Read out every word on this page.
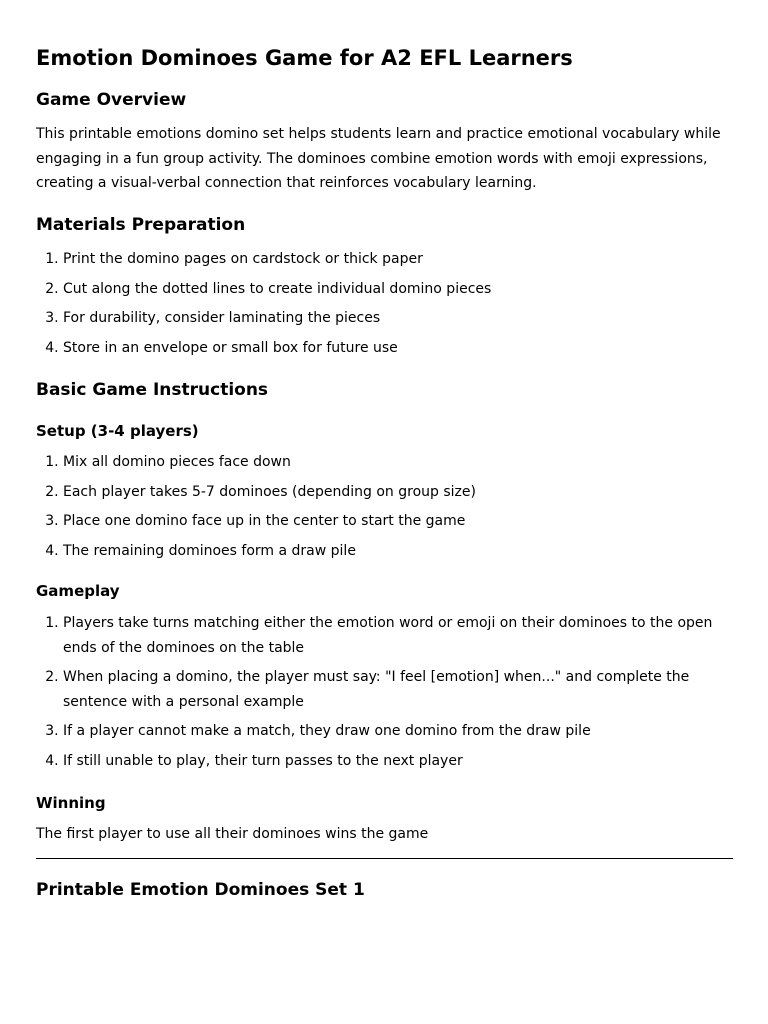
Emotion Dominoes Game for A2 EFL Learners
Game Overview

This printable emotions domino set helps students learn and practice emotional vocabulary while engaging in a fun group activity. The dominoes combine emotion words with emoji expressions, creating a visual-verbal connection that reinforces vocabulary learning.

Materials Preparation
1. Print the domino pages on cardstock or thick paper
2. Cut along the dotted lines to create individual domino pieces
3. For durability, consider laminating the pieces
4. Store in an envelope or small box for future use
Basic Game Instructions
Setup (3-4 players)
1. Mix all domino pieces face down
2. Each player takes 5-7 dominoes (depending on group size)
3. Place one domino face up in the center to start the game
4. The remaining dominoes form a draw pile
Gameplay
1. Players take turns matching either the emotion word or emoji on their dominoes to the open ends of the dominoes on the table
2. When placing a domino, the player must say: "I feel [emotion] when..." and complete the sentence with a personal example
3. If a player cannot make a match, they draw one domino from the draw pile
4. If still unable to play, their turn passes to the next player
Winning

The first player to use all their dominoes wins the game

Printable Emotion Dominoes Set 1
